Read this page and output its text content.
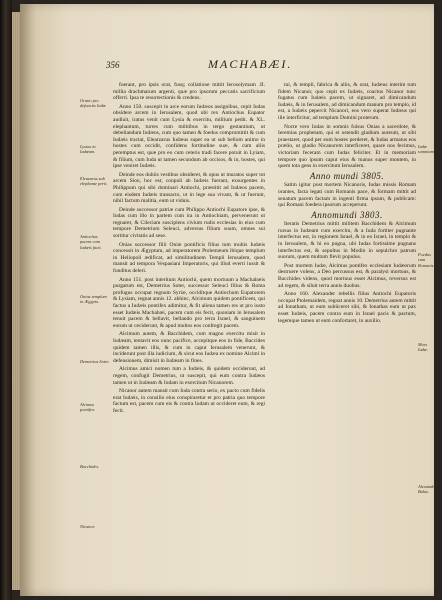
356	MACHABÆI.
Oratio pro defunctis Iudæ
Lysias in Iudæam.
Eleazarus sub elephante perit.
Antiochus pacem cum Iudæis facit.
Onias templum in Ægypto.
Demetrius Soter.
Alcimus pontifex.
Bacchides.
Nicanor.

fuerant, pro ipsis orat, fusq; collatione mittit Ierosolymam .II. millia drachmarum argenti, quæ pro ipsorum peccatis sacrificium offerri. Ipsa te resurrectionis & credens.

Anno 150. suscepit in arce eorum Iudæos assignibus, cepit Iudas obsidere arcem in Ierusalem, quod ubi rex Antiochus Eupator audiuit, iratus venit cum Lysia & exercitu, millium pedit. & XL. elephantum, turres cum militibus in tergo gestantium, ut debellandum Iudæos, cum quo tamen & foedus compromittit & cum Iudæis tractat, Elearzarus Iudæus super ea ut sub bellum animo in hostes cum occidit, confidens fortitudine suæ, & cum aliis peremptus est, quæ pro eo cum ceteris tradi facere potuit in Lyiam, & filium, cum Iuda ut tamen secundum ab occisos, & in, hostes, qui ipse veniret Iudæis.

Deinde eos dubiis vestibus obsideret, & opus ut muratos super tot arcem Sion, hoc est, conpuli ab Iudæis fuerant, exsurgentes in Philippum qui sibi dominari Antiochi, præstitit ad Iudæos pacem, cum eisdem Iudæis transacto, ut in lege sua vivant, & ut fuerunt, nihil factum malitia, eum ut viduis.

Deinde successor patriæ cum Philippo Antiochi Eupatore ipse, & Iudas cum illo in partem cum ira in Antiochiam, pervenerunt ut regnaret, & Cileciam suscipiens civium rudis ecclesias in eius cum tempore Demetrium Seleuci, adversus filium suum, omnes sui sortitur civitatis ad sese.

Onias successor filii Oniæ pontificis filius tum multis Iudæis concessit in Ægyptum, ad imperatorem Ptolemæum ibique templum in Heliopoli ædificat, ad similitudinem Templi Ierusalem, quod mansit ad tempora Vespasiani Imperatoris, qui illud everti iussit & funditus deleri.

Anno 151. post interitum Antiochi, quem mortuum a Machabæis purgatum est, Demetrius Soter, successor Seleuci filius & Roma profugus occupat regnum Syriæ, occiditque Antiochum Eupatorem & Lysiam, regnat annis 12. abhinc, Alcimum quidem pontificem, qui factus a Iudæis pontifex adimitur, & fit aliena tamen res ut pro iusto esset Iudæis Machabæi, pacem cum eis fecit, quoniam in Ierusalem tenuit pacem & bellavit, bellando pro terra Israel, & sanguinem eorum ut ceciderunt, & apud multos eos confregit pacem.

Alcimum autem, & Bacchidem, cum magno exercitu misit in Iudæam, tentavit eos nunc pacifice, accepitque eos in fide, Baccides quidem tamen illis, & cum in caput Ierusalem venerunt, & inciderunt post illa iudicium, & sicut eos Iudæa ex nomine Alcimi in defensionem, dimisit in Iudæam in fines.

Alcimus amici nomen tum a Iudæis, & quidem occiderunt, ad regem, confugit Demetrius, ut suscepit, qui eum contra Iudæos tamen ut in Iudæam & Iudam in exercitum Nicanorem.

Nicanor autem mansit cum Iuda contra serio, ex pacto cum fidelis erat Iudæis, in consilio eius conspiraretur et pro patria quo tempore factum est, pacem cum eis & contra Iudam ut occideret eum, & regi fecit.

tui, & templi, fabrica & aliis, & orat, Iudæus interim tum fidem Nicanor, quo cepit ex Iudæis, coactus Nicanor tunc fugatus cum Iudæis pacem, ut signaret, ad dimicandum Iudæis, & in Ierusalem, ad dimicandum manum pro templo, id est, a Iudæis pepercit Nicanori, eos vero superat Iudæus qui ille interficitur, ad templum Domini proterum.

Nocte vero Iudas in somnis fulsus Onias a sacerdote, & Ieremias prophetam, qui ei ostendit gladium aureum, ut sibi praestaret, quod per eum hostes perderet, & Iudas armatus eos prælio, ut gladio Nicanorem interficeret, quare nos fecimus, victoriam feceram cum Iudas feliciter. Et in memoriam tempore quo ipsum caput eius & manus super montem, in quem tota gens in exercitum Ierusalem.

Anno mundi 3805.

Satim igitur post mortem Nicanoris, Iudas missis Romam orantes, facta legati cum Romanis pace, & formam mittit ad senatum pacem factam in ingenti firma ipsum, & publicam: qui Romani foedera ipsorum acceperunt.

Annomundi 3803.

Iteratis Demetrius mittit militem Bacchidem & Alcimum rursus in Iudæam cum exercitu, & a Iuda fortiter pugnante interfectus est, in regionem Israel, & in eo Israel, in templo & in Ierusalem, & hi eo pugna, ubi Iudas fortissime pugnans interfectus est, & sepultus in Modin in sepulchro patrum suorum, quem multum flevit populus.

Post mortem Iudæ, Alcimus pontifex ecclesiam Iudæorum destruere volens, a Deo percussus est, & paralysi mortuus, & Bacchides videns, quod mortuus esset Alcimus, reversus est ad regem, & siluit terra annis duobus.

Anno 160. Alexander rebellis filius Antiochi Eupatoris occupat Ptolemaidem, regnat annis 10. Demetrius autem mittit ad Ionatham, ut eum subiiceret sibi, & Ionathas eum ut pax esset Iudæis, pacem contra eum in Israel pacis & pactum, legemque tamen ut eum confortaret, in auxilio.

Iudæ somnium.
Foedus cum Romanis.
Mors Iudæ.
Alexander Balas.
